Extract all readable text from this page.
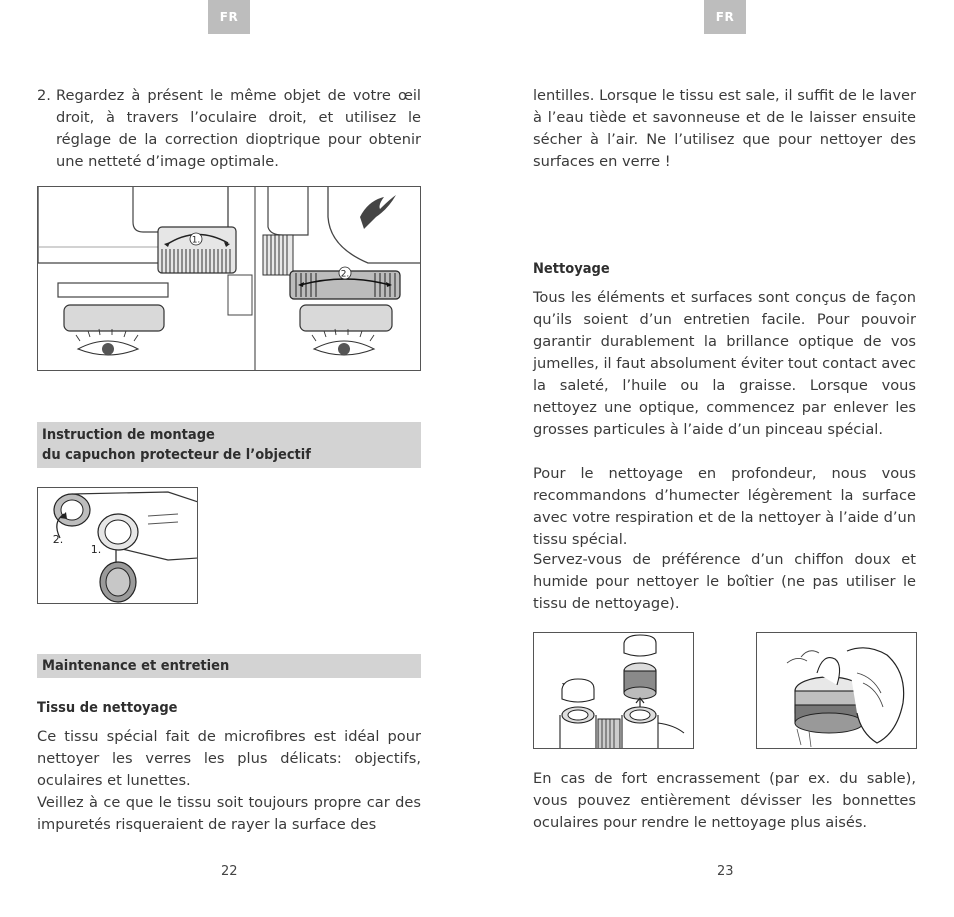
FR
2. Regardez à présent le même objet de votre œil droit, à travers l’oculaire droit, et utilisez le réglage de la correction dioptrique pour obtenir une netteté d’image optimale.

1.
2.
Instruction de montage
du capuchon protecteur de l’objectif
2.
1.
Maintenance et entretien
Tissu de nettoyage

Ce tissu spécial fait de microfibres est idéal pour nettoyer les verres les plus délicats: objectifs, oculaires et lunettes.

Veillez à ce que le tissu soit toujours propre car des impuretés risqueraient de rayer la surface des

22
FR

lentilles. Lorsque le tissu est sale, il suffit de le laver à l’eau tiède et savonneuse et de le laisser ensuite sécher à l’air. Ne l’utilisez que pour nettoyer des surfaces en verre !

Nettoyage

Tous les éléments et surfaces sont conçus de façon qu’ils soient d’un entretien facile. Pour pouvoir garantir durablement la brillance optique de vos jumelles, il faut absolument éviter tout contact avec la saleté, l’huile ou la graisse. Lorsque vous nettoyez une optique, commencez par enlever les grosses particules à l’aide d’un pinceau spécial.

Pour le nettoyage en profondeur, nous vous recommandons d’humecter légèrement la surface avec votre respiration et de la nettoyer à l’aide d’un tissu spécial.

Servez-vous de préférence d’un chiffon doux et humide pour nettoyer le boîtier (ne pas utiliser le tissu de nettoyage).

En cas de fort encrassement (par ex. du sable), vous pouvez entièrement dévisser les bonnettes oculaires pour rendre le nettoyage plus aisés.

23
